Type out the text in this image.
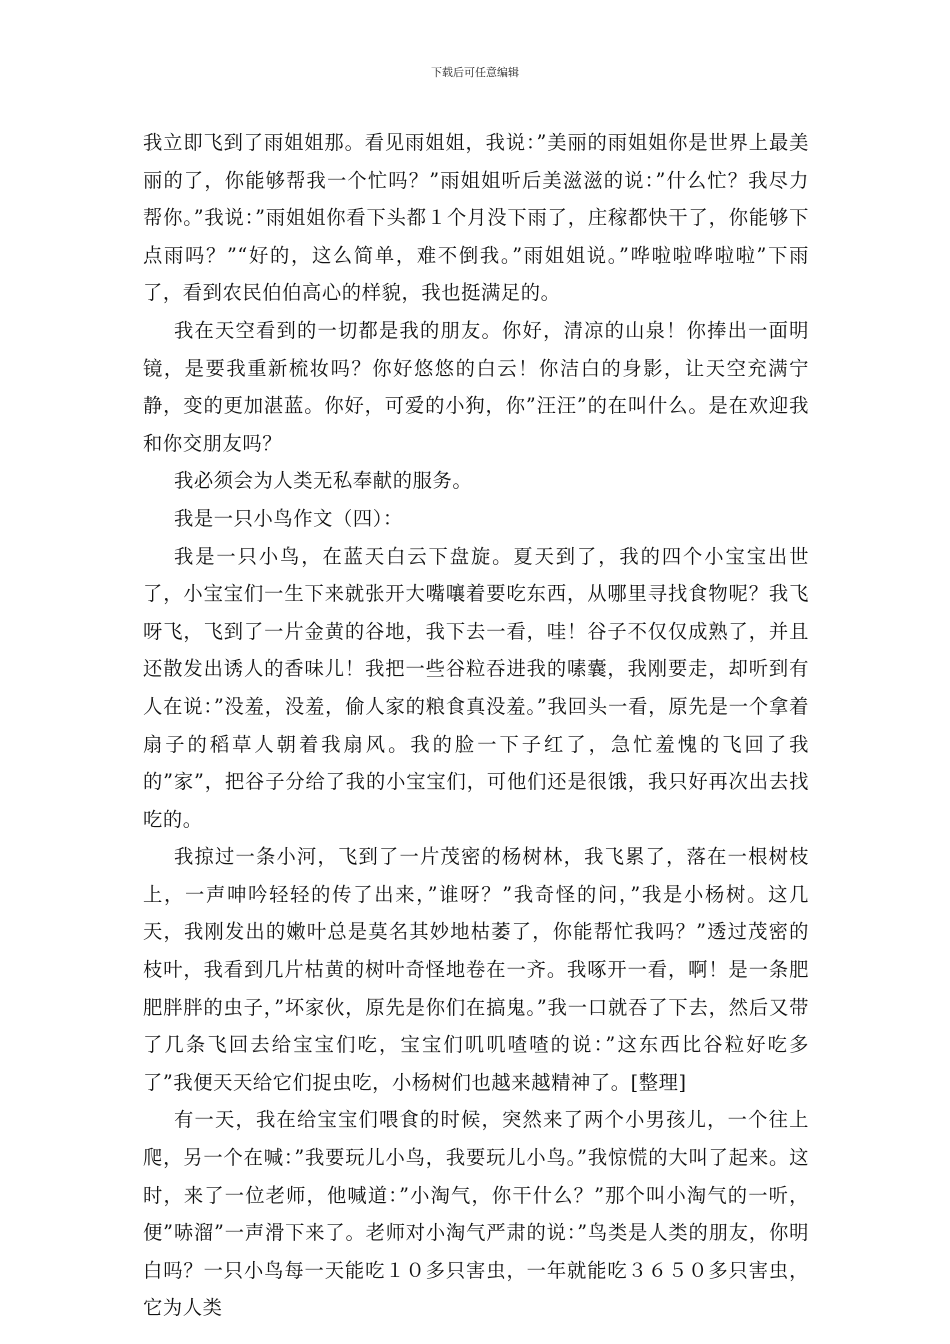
下载后可任意编辑

我立即飞到了雨姐姐那。看见雨姐姐，我说：”美丽的雨姐姐你是世界上最美丽的了，你能够帮我一个忙吗？”雨姐姐听后美滋滋的说：”什么忙？我尽力帮你。”我说：”雨姐姐你看下头都１个月没下雨了，庄稼都快干了，你能够下点雨吗？”“好的，这么简单，难不倒我。”雨姐姐说。”哗啦啦哗啦啦”下雨了，看到农民伯伯高心的样貌，我也挺满足的。

我在天空看到的一切都是我的朋友。你好，清凉的山泉！你捧出一面明镜，是要我重新梳妆吗？你好悠悠的白云！你洁白的身影，让天空充满宁静，变的更加湛蓝。你好，可爱的小狗，你”汪汪”的在叫什么。是在欢迎我和你交朋友吗？

我必须会为人类无私奉献的服务。

我是一只小鸟作文（四）：

我是一只小鸟，在蓝天白云下盘旋。夏天到了，我的四个小宝宝出世了，小宝宝们一生下来就张开大嘴嚷着要吃东西，从哪里寻找食物呢？我飞呀飞，飞到了一片金黄的谷地，我下去一看，哇！谷子不仅仅成熟了，并且还散发出诱人的香味儿！我把一些谷粒吞进我的嗉囊，我刚要走，却听到有人在说：”没羞，没羞，偷人家的粮食真没羞。”我回头一看，原先是一个拿着扇子的稻草人朝着我扇风。我的脸一下子红了，急忙羞愧的飞回了我的”家”，把谷子分给了我的小宝宝们，可他们还是很饿，我只好再次出去找吃的。

我掠过一条小河，飞到了一片茂密的杨树林，我飞累了，落在一根树枝上，一声呻吟轻轻的传了出来，”谁呀？”我奇怪的问，”我是小杨树。这几天，我刚发出的嫩叶总是莫名其妙地枯萎了，你能帮忙我吗？”透过茂密的枝叶，我看到几片枯黄的树叶奇怪地卷在一齐。我啄开一看，啊！是一条肥肥胖胖的虫子，”坏家伙，原先是你们在搞鬼。”我一口就吞了下去，然后又带了几条飞回去给宝宝们吃，宝宝们叽叽喳喳的说：”这东西比谷粒好吃多了”我便天天给它们捉虫吃，小杨树们也越来越精神了。[整理]

有一天，我在给宝宝们喂食的时候，突然来了两个小男孩儿，一个往上爬，另一个在喊：”我要玩儿小鸟，我要玩儿小鸟。”我惊慌的大叫了起来。这时，来了一位老师，他喊道：”小淘气，你干什么？”那个叫小淘气的一听，便”哧溜”一声滑下来了。老师对小淘气严肃的说：”鸟类是人类的朋友，你明白吗？一只小鸟每一天能吃１０多只害虫，一年就能吃３６５０多只害虫，它为人类
